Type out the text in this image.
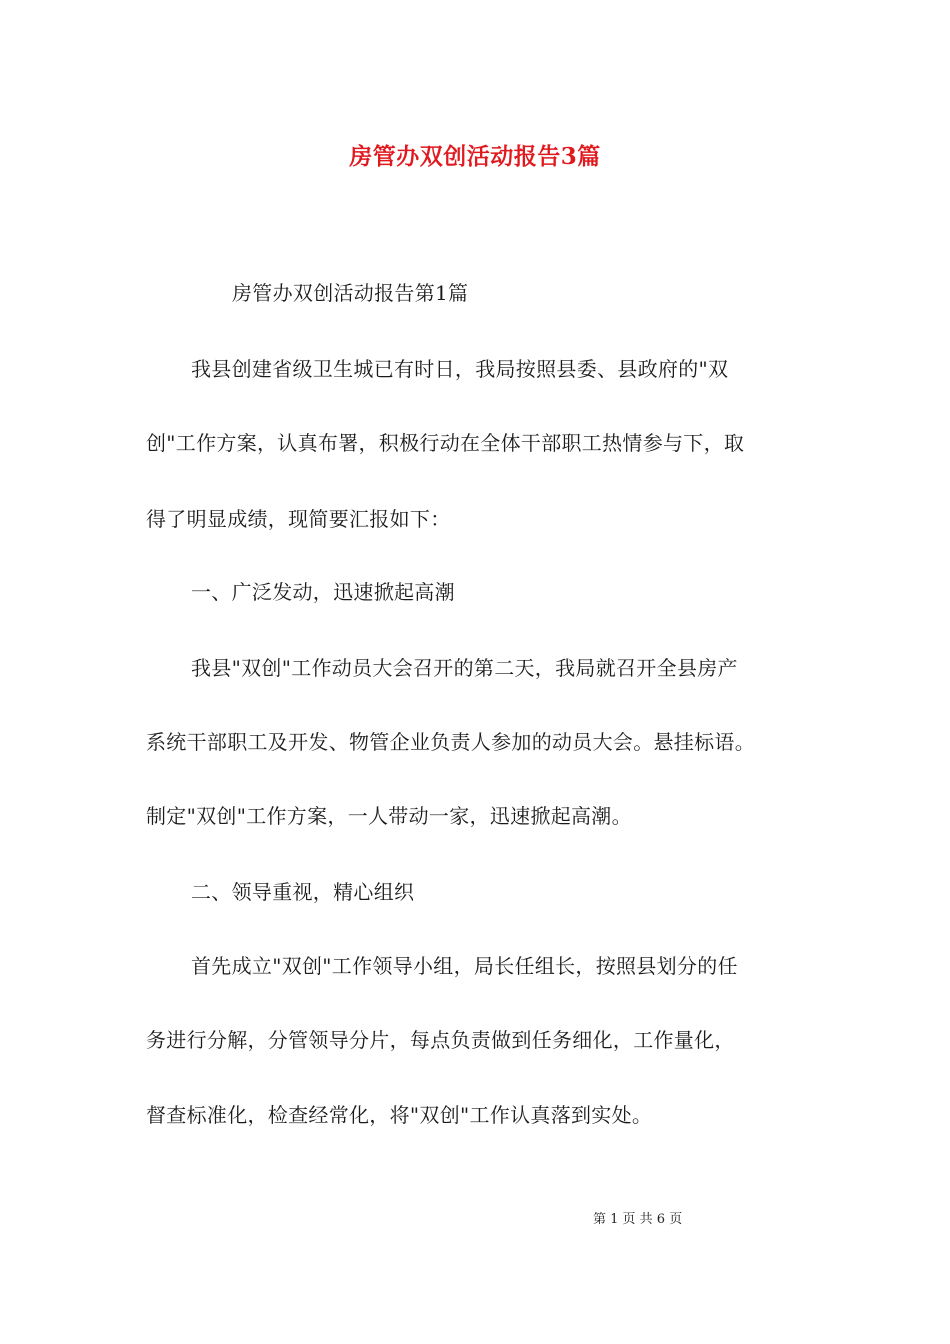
房管办双创活动报告3篇
房管办双创活动报告第1篇
我县创建省级卫生城已有时日，我局按照县委、县政府的"双
创"工作方案，认真布署，积极行动在全体干部职工热情参与下，取
得了明显成绩，现简要汇报如下：
一、广泛发动，迅速掀起高潮
我县"双创"工作动员大会召开的第二天，我局就召开全县房产
系统干部职工及开发、物管企业负责人参加的动员大会。悬挂标语。
制定"双创"工作方案，一人带动一家，迅速掀起高潮。
二、领导重视，精心组织
首先成立"双创"工作领导小组，局长任组长，按照县划分的任
务进行分解，分管领导分片，每点负责做到任务细化，工作量化，
督查标准化，检查经常化，将"双创"工作认真落到实处。
第 1 页 共 6 页
